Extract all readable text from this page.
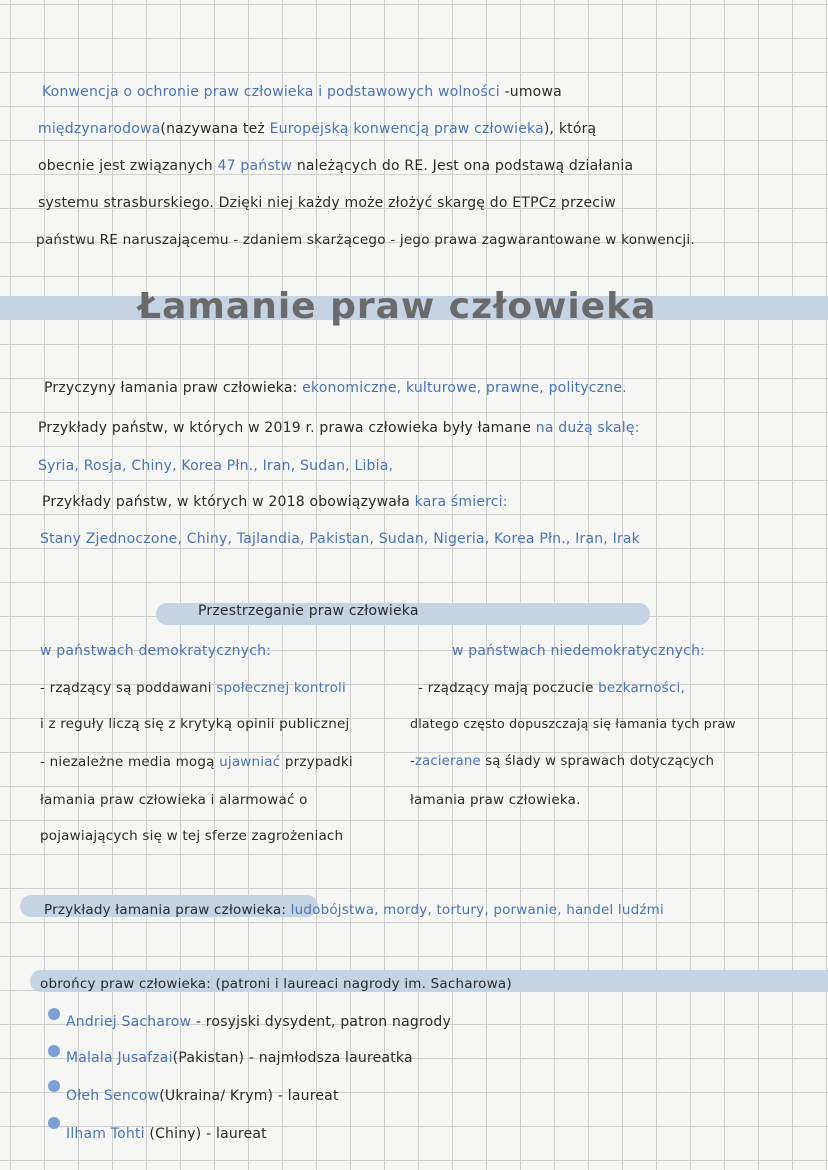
Konwencja o ochronie praw człowieka i podstawowych wolności -umowa
międzynarodowa(nazywana też Europejską konwencją praw człowieka), którą
obecnie jest związanych 47 państw należących do RE. Jest ona podstawą działania
systemu strasburskiego. Dzięki niej każdy może złożyć skargę do ETPCz przeciw
państwu RE naruszającemu - zdaniem skarżącego - jego prawa zagwarantowane w konwencji.
Łamanie praw człowieka
Przyczyny łamania praw człowieka: ekonomiczne, kulturowe, prawne, polityczne.
Przykłady państw, w których w 2019 r. prawa człowieka były łamane na dużą skalę:
Syria, Rosja, Chiny, Korea Płn., Iran, Sudan, Libia,
Przykłady państw, w których w 2018 obowiązywała kara śmierci:
Stany Zjednoczone, Chiny, Tajlandia, Pakistan, Sudan, Nigeria, Korea Płn., Iran, Irak
Przestrzeganie praw człowieka
w państwach demokratycznych:
- rządzący są poddawani społecznej kontroli
i z reguły liczą się z krytyką opinii publicznej
- niezależne media mogą ujawniać przypadki
łamania praw człowieka i alarmować o
pojawiających się w tej sferze zagrożeniach
w państwach niedemokratycznych:
- rządzący mają poczucie bezkarności,
dlatego często dopuszczają się łamania tych praw
-zacierane są ślady w sprawach dotyczących
łamania praw człowieka.
Przykłady łamania praw człowieka: ludobójstwa, mordy, tortury, porwanie, handel ludźmi
obrońcy praw człowieka: (patroni i laureaci nagrody im. Sacharowa)
Andriej Sacharow - rosyjski dysydent, patron nagrody
Malala Jusafzai(Pakistan) - najmłodsza laureatka
Ołeh Sencow(Ukraina/ Krym) - laureat
Ilham Tohti (Chiny) - laureat
